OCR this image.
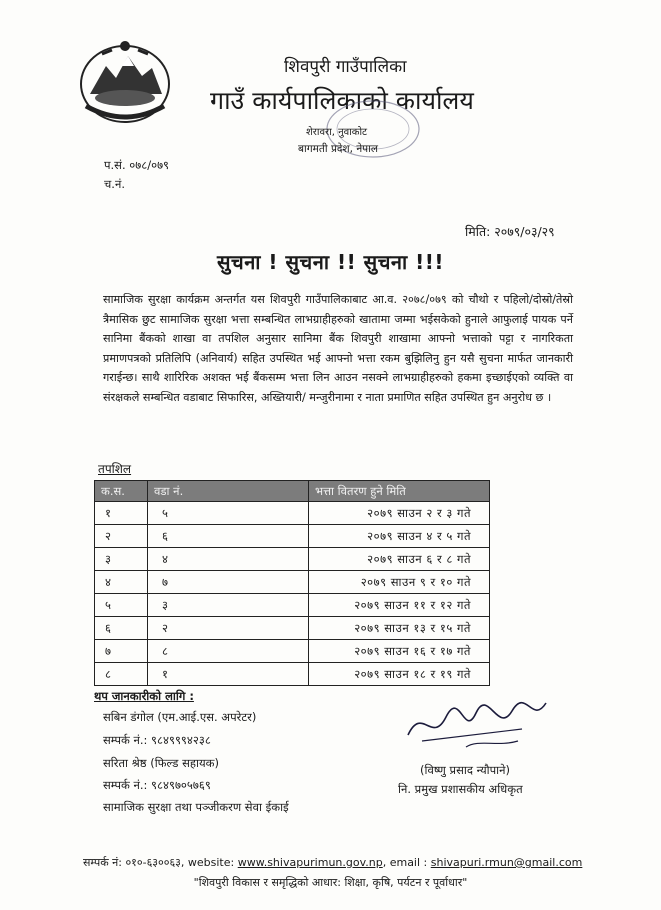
शिवपुरी गाउँपालिका
गाउँ कार्यपालिकाको कार्यालय
शेरावरा, नुवाकोट
बागमती प्रदेश, नेपाल
प.सं. ०७८/०७९
च.नं.
मिति: २०७९/०३/२९
सुचना ! सुचना !! सुचना !!!
सामाजिक सुरक्षा कार्यक्रम अन्तर्गत यस शिवपुरी गाउँपालिकाबाट आ.व. २०७८/०७९ को चौथो र पहिलो/दोस्रो/तेस्रो त्रैमासिक छुट सामाजिक सुरक्षा भत्ता सम्बन्धित लाभग्राहीहरुको खातामा जम्मा भईसकेको हुनाले आफुलाई पायक पर्ने सानिमा बैंकको शाखा वा तपशिल अनुसार सानिमा बैंक शिवपुरी शाखामा आफ्नो भत्ताको पट्टा र नागरिकता प्रमाणपत्रको प्रतिलिपि (अनिवार्य) सहित उपस्थित भई आफ्नो भत्ता रकम बुझिलिनु हुन यसै सुचना मार्फत जानकारी गराईन्छ। साथै शारिरिक अशक्त भई बैंकसम्म भत्ता लिन आउन नसक्ने लाभग्राहीहरुको हकमा इच्छाईएको व्यक्ति वा संरक्षकले सम्बन्धित वडाबाट सिफारिस, अख्तियारी/ मन्जुरीनामा र नाता प्रमाणित सहित उपस्थित हुन अनुरोध छ ।
तपशिल
क.स.	वडा नं.	भत्ता वितरण हुने मिति
१	५	२०७९ साउन २ र ३ गते
२	६	२०७९ साउन ४ र ५ गते
३	४	२०७९ साउन ६ र ८ गते
४	७	२०७९ साउन ९ र १० गते
५	३	२०७९ साउन ११ र १२ गते
६	२	२०७९ साउन १३ र १५ गते
७	८	२०७९ साउन १६ र १७ गते
८	१	२०७९ साउन १८ र १९ गते
थप जानकारीको लागि :
सबिन डंगोल (एम.आई.एस. अपरेटर)
सम्पर्क नं.: ९८४९९९४२३८
सरिता श्रेष्ठ (फिल्ड सहायक)
सम्पर्क नं.: ९८४९७०५७६९
सामाजिक सुरक्षा तथा पञ्जीकरण सेवा ईकाई
(विष्णु प्रसाद न्यौपाने)
नि. प्रमुख प्रशासकीय अधिकृत
सम्पर्क नं: ०१०-६३००६३, website: www.shivapurimun.gov.np, email : shivapuri.rmun@gmail.com
"शिवपुरी विकास र समृद्धिको आधार: शिक्षा, कृषि, पर्यटन र पूर्वाधार"
